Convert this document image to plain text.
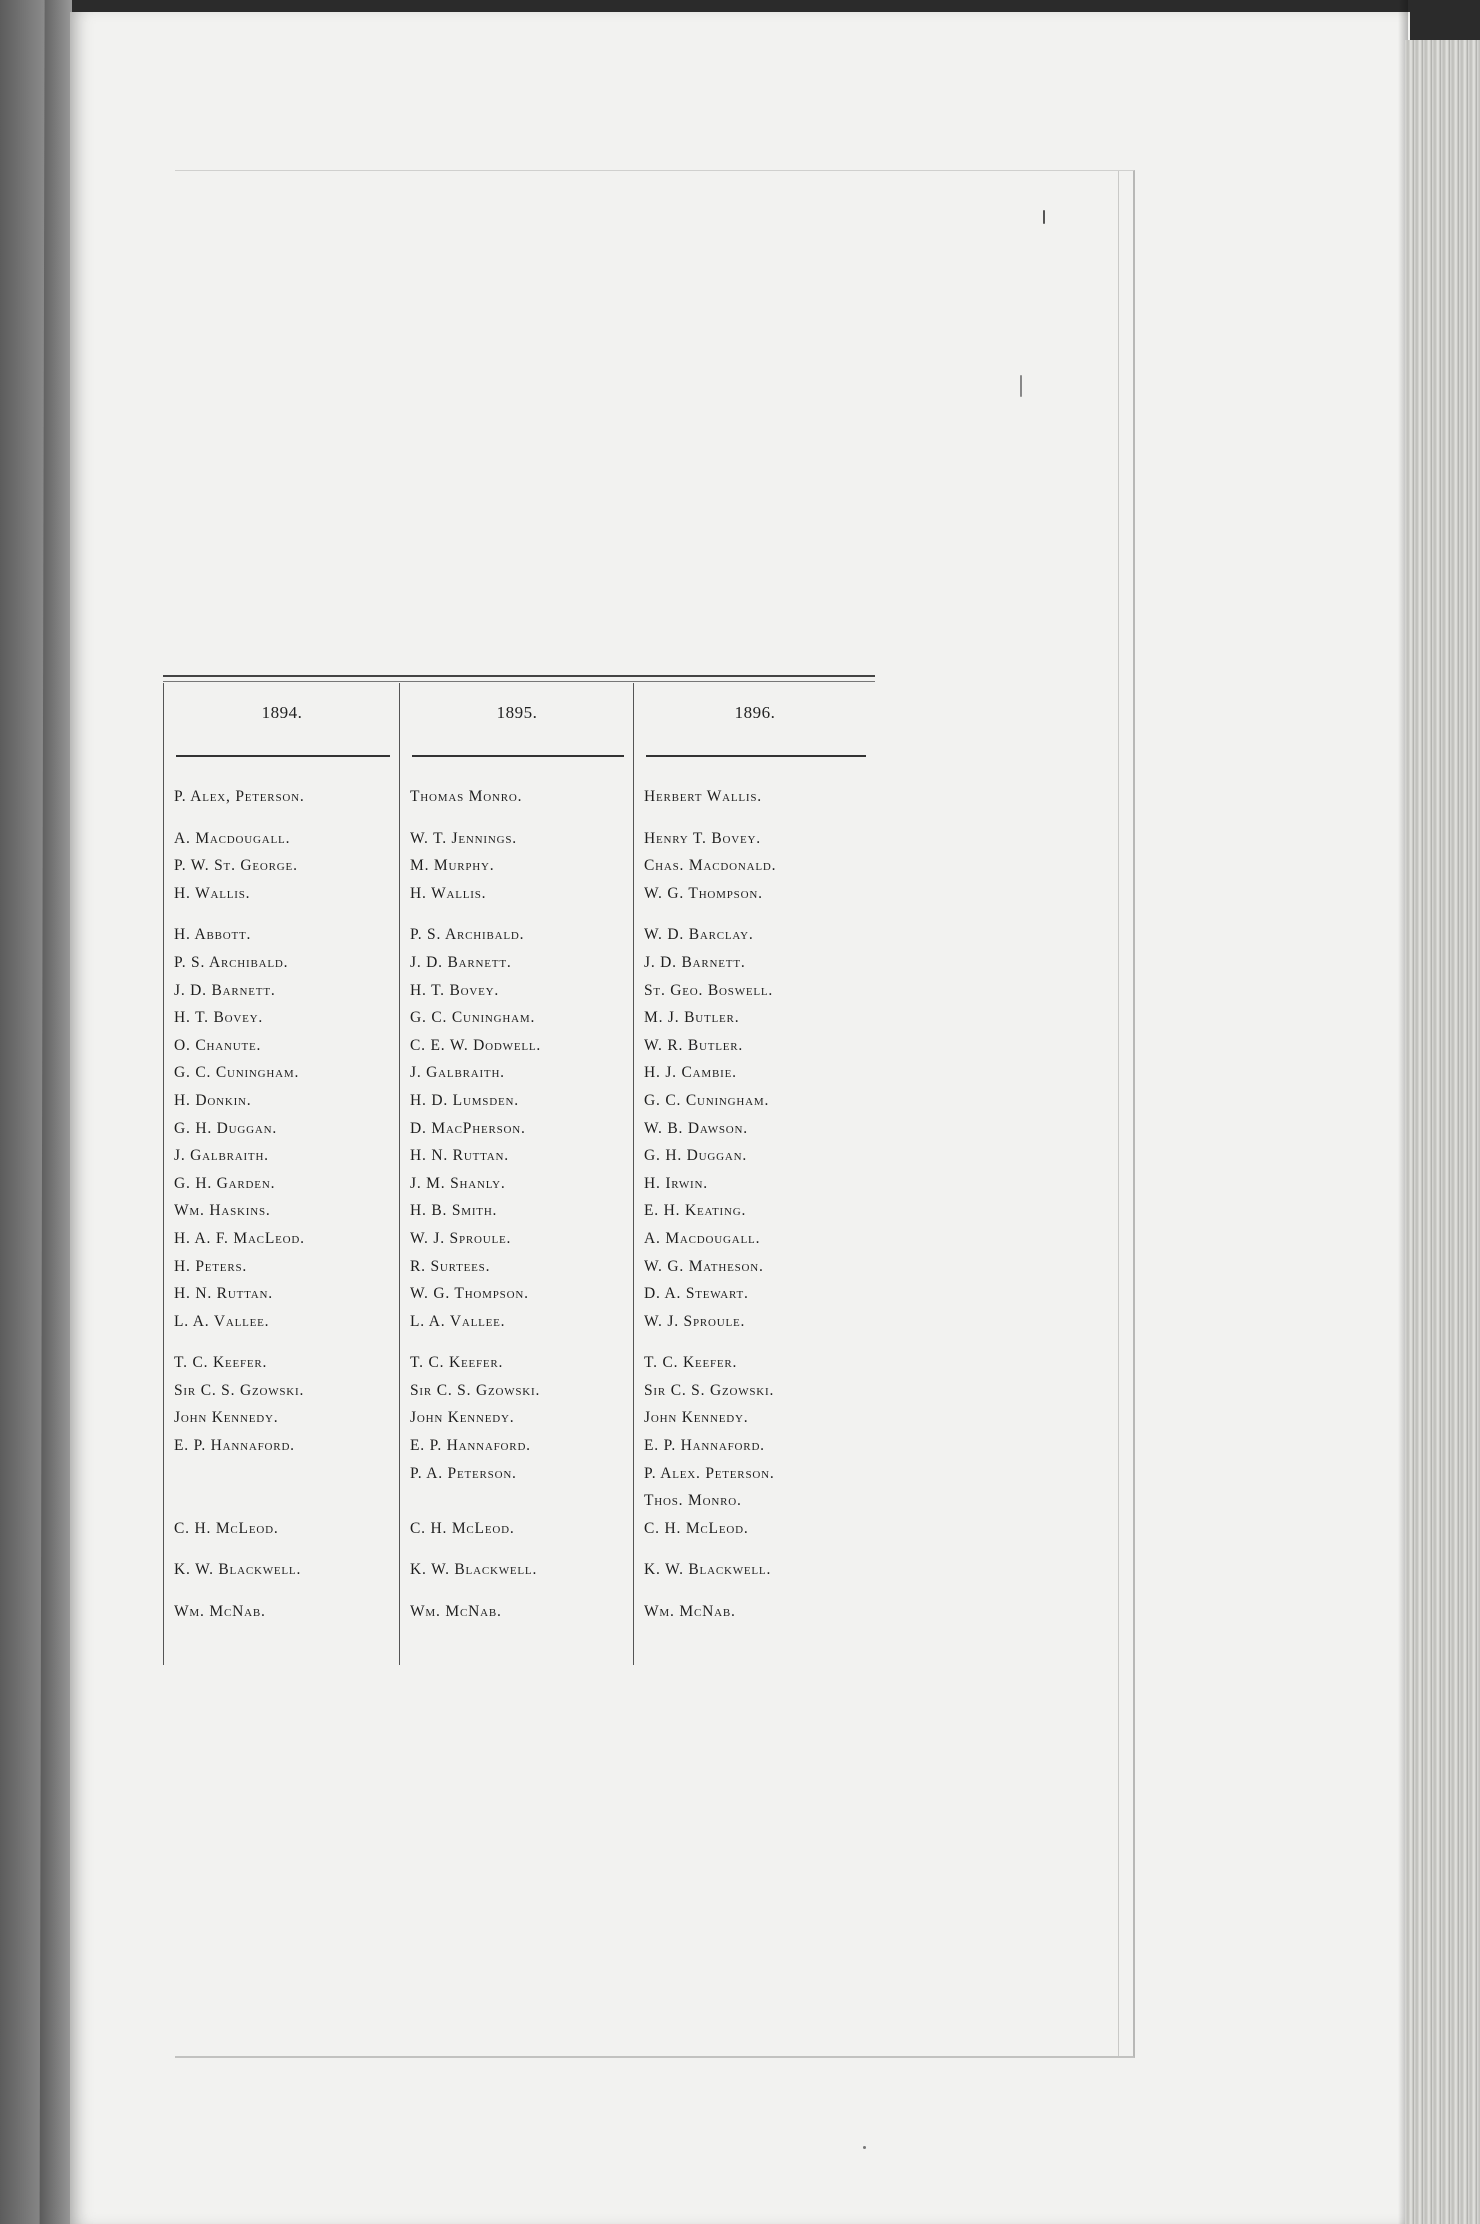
1894.
P. Alex, Peterson.
A. Macdougall.
P. W. St. George.
H. Wallis.
H. Abbott.
P. S. Archibald.
J. D. Barnett.
H. T. Bovey.
O. Chanute.
G. C. Cuningham.
H. Donkin.
G. H. Duggan.
J. Galbraith.
G. H. Garden.
Wm. Haskins.
H. A. F. MacLeod.
H. Peters.
H. N. Ruttan.
L. A. Vallee.
T. C. Keefer.
Sir C. S. Gzowski.
John Kennedy.
E. P. Hannaford.
C. H. McLeod.
K. W. Blackwell.
Wm. McNab.
1895.
Thomas Monro.
W. T. Jennings.
M. Murphy.
H. Wallis.
P. S. Archibald.
J. D. Barnett.
H. T. Bovey.
G. C. Cuningham.
C. E. W. Dodwell.
J. Galbraith.
H. D. Lumsden.
D. MacPherson.
H. N. Ruttan.
J. M. Shanly.
H. B. Smith.
W. J. Sproule.
R. Surtees.
W. G. Thompson.
L. A. Vallee.
T. C. Keefer.
Sir C. S. Gzowski.
John Kennedy.
E. P. Hannaford.
P. A. Peterson.
C. H. McLeod.
K. W. Blackwell.
Wm. McNab.
1896.
Herbert Wallis.
Henry T. Bovey.
Chas. Macdonald.
W. G. Thompson.
W. D. Barclay.
J. D. Barnett.
St. Geo. Boswell.
M. J. Butler.
W. R. Butler.
H. J. Cambie.
G. C. Cuningham.
W. B. Dawson.
G. H. Duggan.
H. Irwin.
E. H. Keating.
A. Macdougall.
W. G. Matheson.
D. A. Stewart.
W. J. Sproule.
T. C. Keefer.
Sir C. S. Gzowski.
John Kennedy.
E. P. Hannaford.
P. Alex. Peterson.
Thos. Monro.
C. H. McLeod.
K. W. Blackwell.
Wm. McNab.
